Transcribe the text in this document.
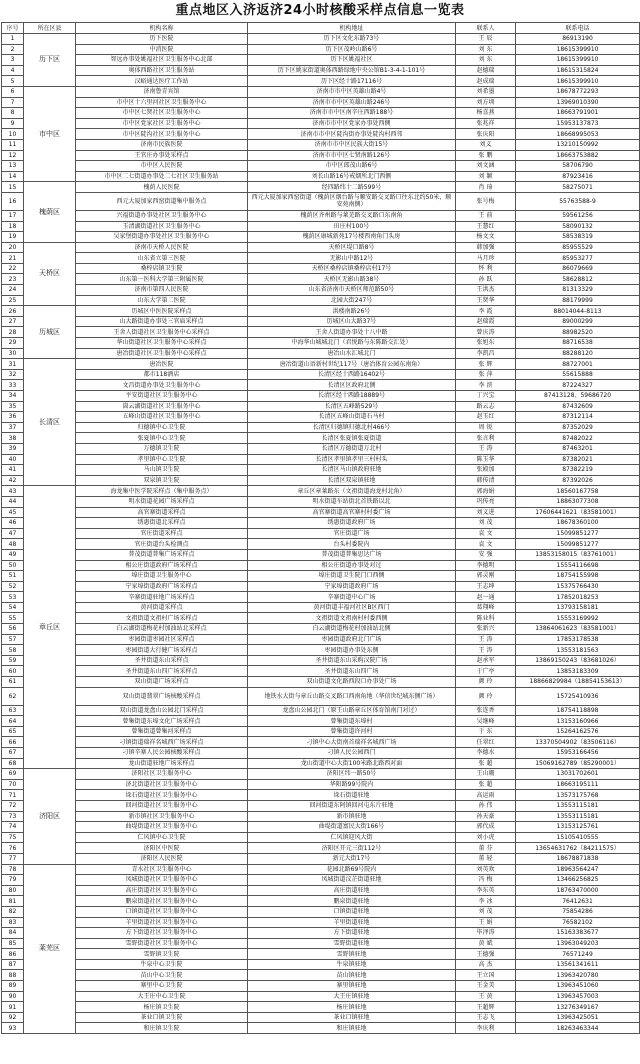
重点地区入济返济24小时核酸采样点信息一览表
序号	所在区县	机构名称	机构地址	联系人	联系电话
1	历下区	历下医院	历下区文化东路73号	王 辰	86913190
2		中消医院	历下区茂岭山路6号	刘 东	18615399910
3		智远办事处姚福社区卫生服务中心北部	历下区姚福社区	刘 东	18615399910
4		奥体西路社区卫生服务站	历下区姚家街道奥体西路绿地中央公馆B1-3-4-1-101号	赵德瑞	18615315824
5		汉峪通达医疗工作站	历下区经十路17116号	赵成瑞	18615399910
6	市中区	济南鲁青宾馆	济南市市中区英雄山路4号	刘希墨	18678772293
7		市中区十六里河社区卫生服务中心	济南市市中区英雄山路246号	刘方圳	13969010390
8		市中区七贤社区卫生服务中心	济南市市中区南辛庄西路188号	杨喜燕	18663791901
9		市中区党家社区卫生服务中心	济南市市中区党家办事处西侧	张兆祥	15953137873
10		市中区陡沟社区卫生服务中心	济南市市中区陡沟街办事处陡沟村西邻	张庆阳	18668995053
11		济南市民族医院	济南市市中区民族大街15号	刘义	13210150992
12		王官庄办事处采样点	济南市市中区七贤南路126号	张 鹏	18663753882
13		市中区人民医院	市中区郎茂山路6号	刘文涵	58706790
14		市中区二七街道办事处二七社区卫生服务站	刘长山路16号戒烟所北门西侧	刘 颖	87923416
15	槐荫区	槐荫人民医院	经四路纬十二路599号	肖 琦	58275071
16		西元大厦加家西窑街道集中服务点	西元大厦加家西窑街道（槐荫区烟台路与顺安路交叉路口往东北约50米，顺安苑南侧）	张号梅	55763588-9
17		兴福街道办事处社区卫生服务中心	槐荫区齐州路与莱芜路交叉路口东南角	王 前	59561256
18		玉清湖街道社区卫生服务中心	田庄村100号	王慧红	58090132
19		吴家堡街道办事处社区卫生服务中心	槐荫区康城新苑17号楼西南角门头房	杨文文	58538319
20	天桥区	济南市天桥人民医院	天桥区堤口路8号	韩加强	85955529
21		山东省立第三医院	无影山中路12号	马月珍	85953277
22		桑梓店镇卫生院	天桥区桑梓店镇桑梓店村17号	怀 利	86079669
23		山东第一医科大学第三附属医院	天桥区无影山路38号	孙 跃	58628812
24		济南市第四人民医院	山东省济南市天桥区师范路50号	王洪杰	81313329
25		山东大学第二医院	北园大街247号	王贤华	88179999
26	历城区	历城区中医医院采样点	洪楼南路26号	李 霞	88014044-8113
27		山大路街道办事处三官庙采样点	历城区山大路37号	赵瑞霞	89000299
28		王舍人街道社区卫生服务中心采样点	王舍人街道办事处十八中路	曾庆涛	88982520
29		华山街道社区卫生服务中心采样点	中海华山城城北门（君悦路与东陈路交汇处）	张旭东	88716538
30		唐冶街道社区卫生服务中心采样点	唐冶山水汇城北门	李凯昌	88288120
31	长清区	唐冶医院	唐冶街道山语新村世纪117号（唐冶体育公园东南角）	张 辉	88727001
32		都市118酒店	长清区经十西路16402号	张 萍	55615888
33		文昌街道办事处卫生服务中心	长清区区政府北侧	李 滨	87224327
34		平安街道社区卫生服务中心	长清区经十西路18889号	丁兴宝	87413128、59686720
35		崮云湖街道社区卫生服务中心	长清区五峰路529号	路云志	87432609
36		五峰山街道社区卫生服务中心	长清区五峰山街道石马村	赵玉红	87312114
37		归德镇中心卫生院	长清区归德镇归德北村466号	周 锐	87352029
38		张夏镇中心卫生院	长清区张夏镇张夏街道	张言利	87482022
39		万德镇卫生院	长清区万德街道万北村	王 涛	87463201
40		孝里镇中心卫生院	长清区孝里镇孝里三村村头	陈玉华	87382021
41		马山镇卫生院	长清区马山镇政府驻地	张殿加	87382219
42		双泉镇卫生院	长清区双泉镇驻地	韩传清	87392026
43	章丘区	海龙集中医学院采样点（集中服务点）	章丘区章莱路东（文祖街道海龙村北角）	郭海娟	18560167758
44		明水街道花园广场采样点	明水街道车站街北首铁路以北	巩传亮	18863077308
45		高官寨街道采样点	高官寨街道高官寨村村委广场	刘义进	17606441621（83581001）
46		绣惠街道北采样点	绣惠街道政府广场	刘 茂	18678360100
47		官庄街道采样点	官庄街道广场	袁 文	15099851277
48		官庄街道台头检测点	台头村委院内	袁 文	15099851277
49		普茂街道普集广场采样点	普茂街道普集思达广场	安 强	13853158015（83761001）
50		相公庄街道政府广场采样点	相公庄街道办事处对过	李德明	15554116698
51		埠庄街道卫生服务中心	埠庄街道卫生院门口西侧	郭灵刚	18754155998
52		宁家埠街道政府广场采样点	宁家埠街道政府广场	王志坤	15375766430
53		辛寨街道驻地广场采样点	辛寨街道中心广场	赵一通	17852018253
54		黄河街道采样点	黄河街道丰福河社区B区西门	葛翔峰	13793158181
55		文祖街道文祖村广场采样点	文祖街道文祖南村村委西侧	陈业科	15553169992
56		白云湖街道梅花村加油站北采样点	白云湖街道梅花村加油站北侧	张新兴	13864061623（83581001）
57		枣园街道枣园社区采样点	枣园街道政府北门广场	王 涛	17853178538
58		枣园街道大行健广场采样点	枣园街道办事处东侧	王 涛	13553181563
59		圣井街道东山采样点	圣井街道东山采购汉院广场	赵承军	13869150243（83681026）
60		圣井街道东山四广场采样点	圣井街道东山四广场	于广亭	13853183309
61		双山街道广场采样点	双山街道文化路西段口办事处广场	颜 玲	18866829984（18854153613）
62		双山街道翡翠广场核酸采样点	地铁水大街与章丘山路交叉路口西南角地（华信世纪城东侧广场）	颜 玲	15725410936
63		双山街道龙盘山公园北门采样点	龙盘山公园北门（原王山路章丘区体育馆南门对过）	张连香	18754118898
64		曾集街道东埠文化广场采样点	曾集街道东埠村	吴继峰	13153160966
65		曾集街道曾集河采样点	曾集街道许河村	于 东	15264162576
66		刁镇街道瑞祥名城西广场采样点	刁镇中心大街南首瑞祥名城西广场	任翠红	13370504902（83506116）
67		刁镇辛寨人民公园核酸采样点	刁镇人民公园西门	李德水	15953166456
68		龙山街道驻地广场采样点	龙山街道中心大街100米路北路西对面	张 超	15069162789（85290001）
69	济阳区	济阳社区卫生服务中心	济阳区纬一路50号	王山珊	13031702601
70		济北街道社区卫生服务中心	华阳路99号院内	张 超	18663195111
71		垛石街道社区卫生服务中心	垛石街道驻地	高运雨	13573175768
72		回河街道社区卫生服务中心	回河街道东阿镇回河屯东片驻地	孙 伟	13553115181
73		新市镇社区卫生服务中心	新市镇驻地	孙天豪	13553115181
74		曲堤街道社区卫生服务中心	曲堤街道富民大街166号	郭代成	13153125761
75		仁风镇中心卫生院	仁风镇迎风大街	刘小虎	15105410555
76		济阳区中医院	济阳区开元三街112号	董 芬	13654631762（84211575）
77		济阳区人民医院	新元大街17号	董 轻	18678871838
78	莱芜区	青水社区卫生服务中心	花园北路69号院内	刘英欢	18963564247
79		凤城街道社区卫生服务中心	凤城街道汶芷街道驻地	冯 梅	13466256825
80		高庄街道社区卫生服务中心	高庄街道驻地	李东英	18763470000
81		鹏泉街道社区卫生服务中心	鹏泉街道驻地	李 冰	76412631
82		口镇街道社区卫生服务中心	口镇街道驻地	刘 茂	75854286
83		羊里街道社区卫生服务中心	羊里街道驻地	王 娟	76582102
84		方下街道社区卫生服务中心	方下街道驻地	毕泽涛	15163383677
85		雪野街道社区卫生服务中心	雪野街道驻地	黄 斌	13963049203
86		雪野镇卫生院	雪野镇驻地	王德强	76571249
87		牛泉中心卫生院	牛泉镇驻地	高 杰	13561341611
88		苗山中心卫生院	苗山镇驻地	王立国	13963420780
89		寨里中心卫生院	寨里镇驻地	王金美	13963451060
90		大王庄中心卫生院	大王庄镇驻地	王 黄	13963457003
91		杨庄镇卫生院	杨庄镇驻地	王超辉	13276349167
92		茶业口镇卫生院	茶业口镇驻地	王志飞	13963425051
93		和庄镇卫生院	和庄镇驻地	李庆利	18263463344
